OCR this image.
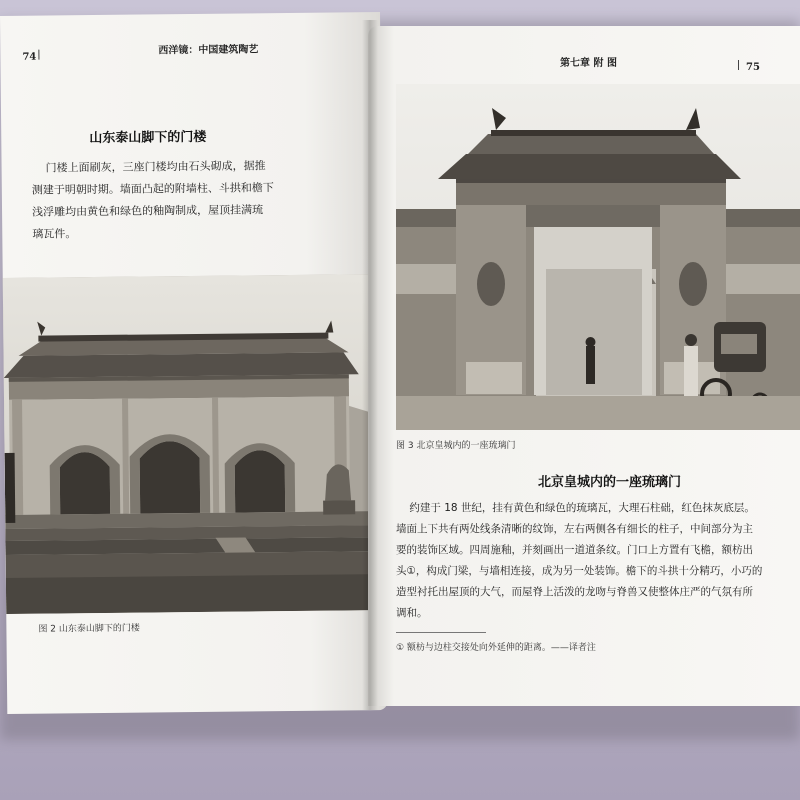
74
西洋镜：中国建筑陶艺
山东泰山脚下的门楼
门楼上面刷灰，三座门楼均由石头砌成，据推
测建于明朝时期。墙面凸起的附墙柱、斗拱和檐下
浅浮雕均由黄色和绿色的釉陶制成，屋顶挂满琉
璃瓦件。
图 2 山东泰山脚下的门楼
第七章 附 图	75
图 3 北京皇城内的一座琉璃门
北京皇城内的一座琉璃门
约建于 18 世纪，挂有黄色和绿色的琉璃瓦，大理石柱础，红色抹灰底层。
墙面上下共有两处线条清晰的纹饰，左右两侧各有细长的柱子，中间部分为主
要的装饰区域。四周施釉，并刻画出一道道条纹。门口上方置有飞檐，额枋出
头①，构成门梁，与墙相连接，成为另一处装饰。檐下的斗拱十分精巧，小巧的
造型衬托出屋顶的大气，而屋脊上活泼的龙吻与脊兽又使整体庄严的气氛有所
调和。
① 额枋与边柱交接处向外延伸的距离。——译者注
